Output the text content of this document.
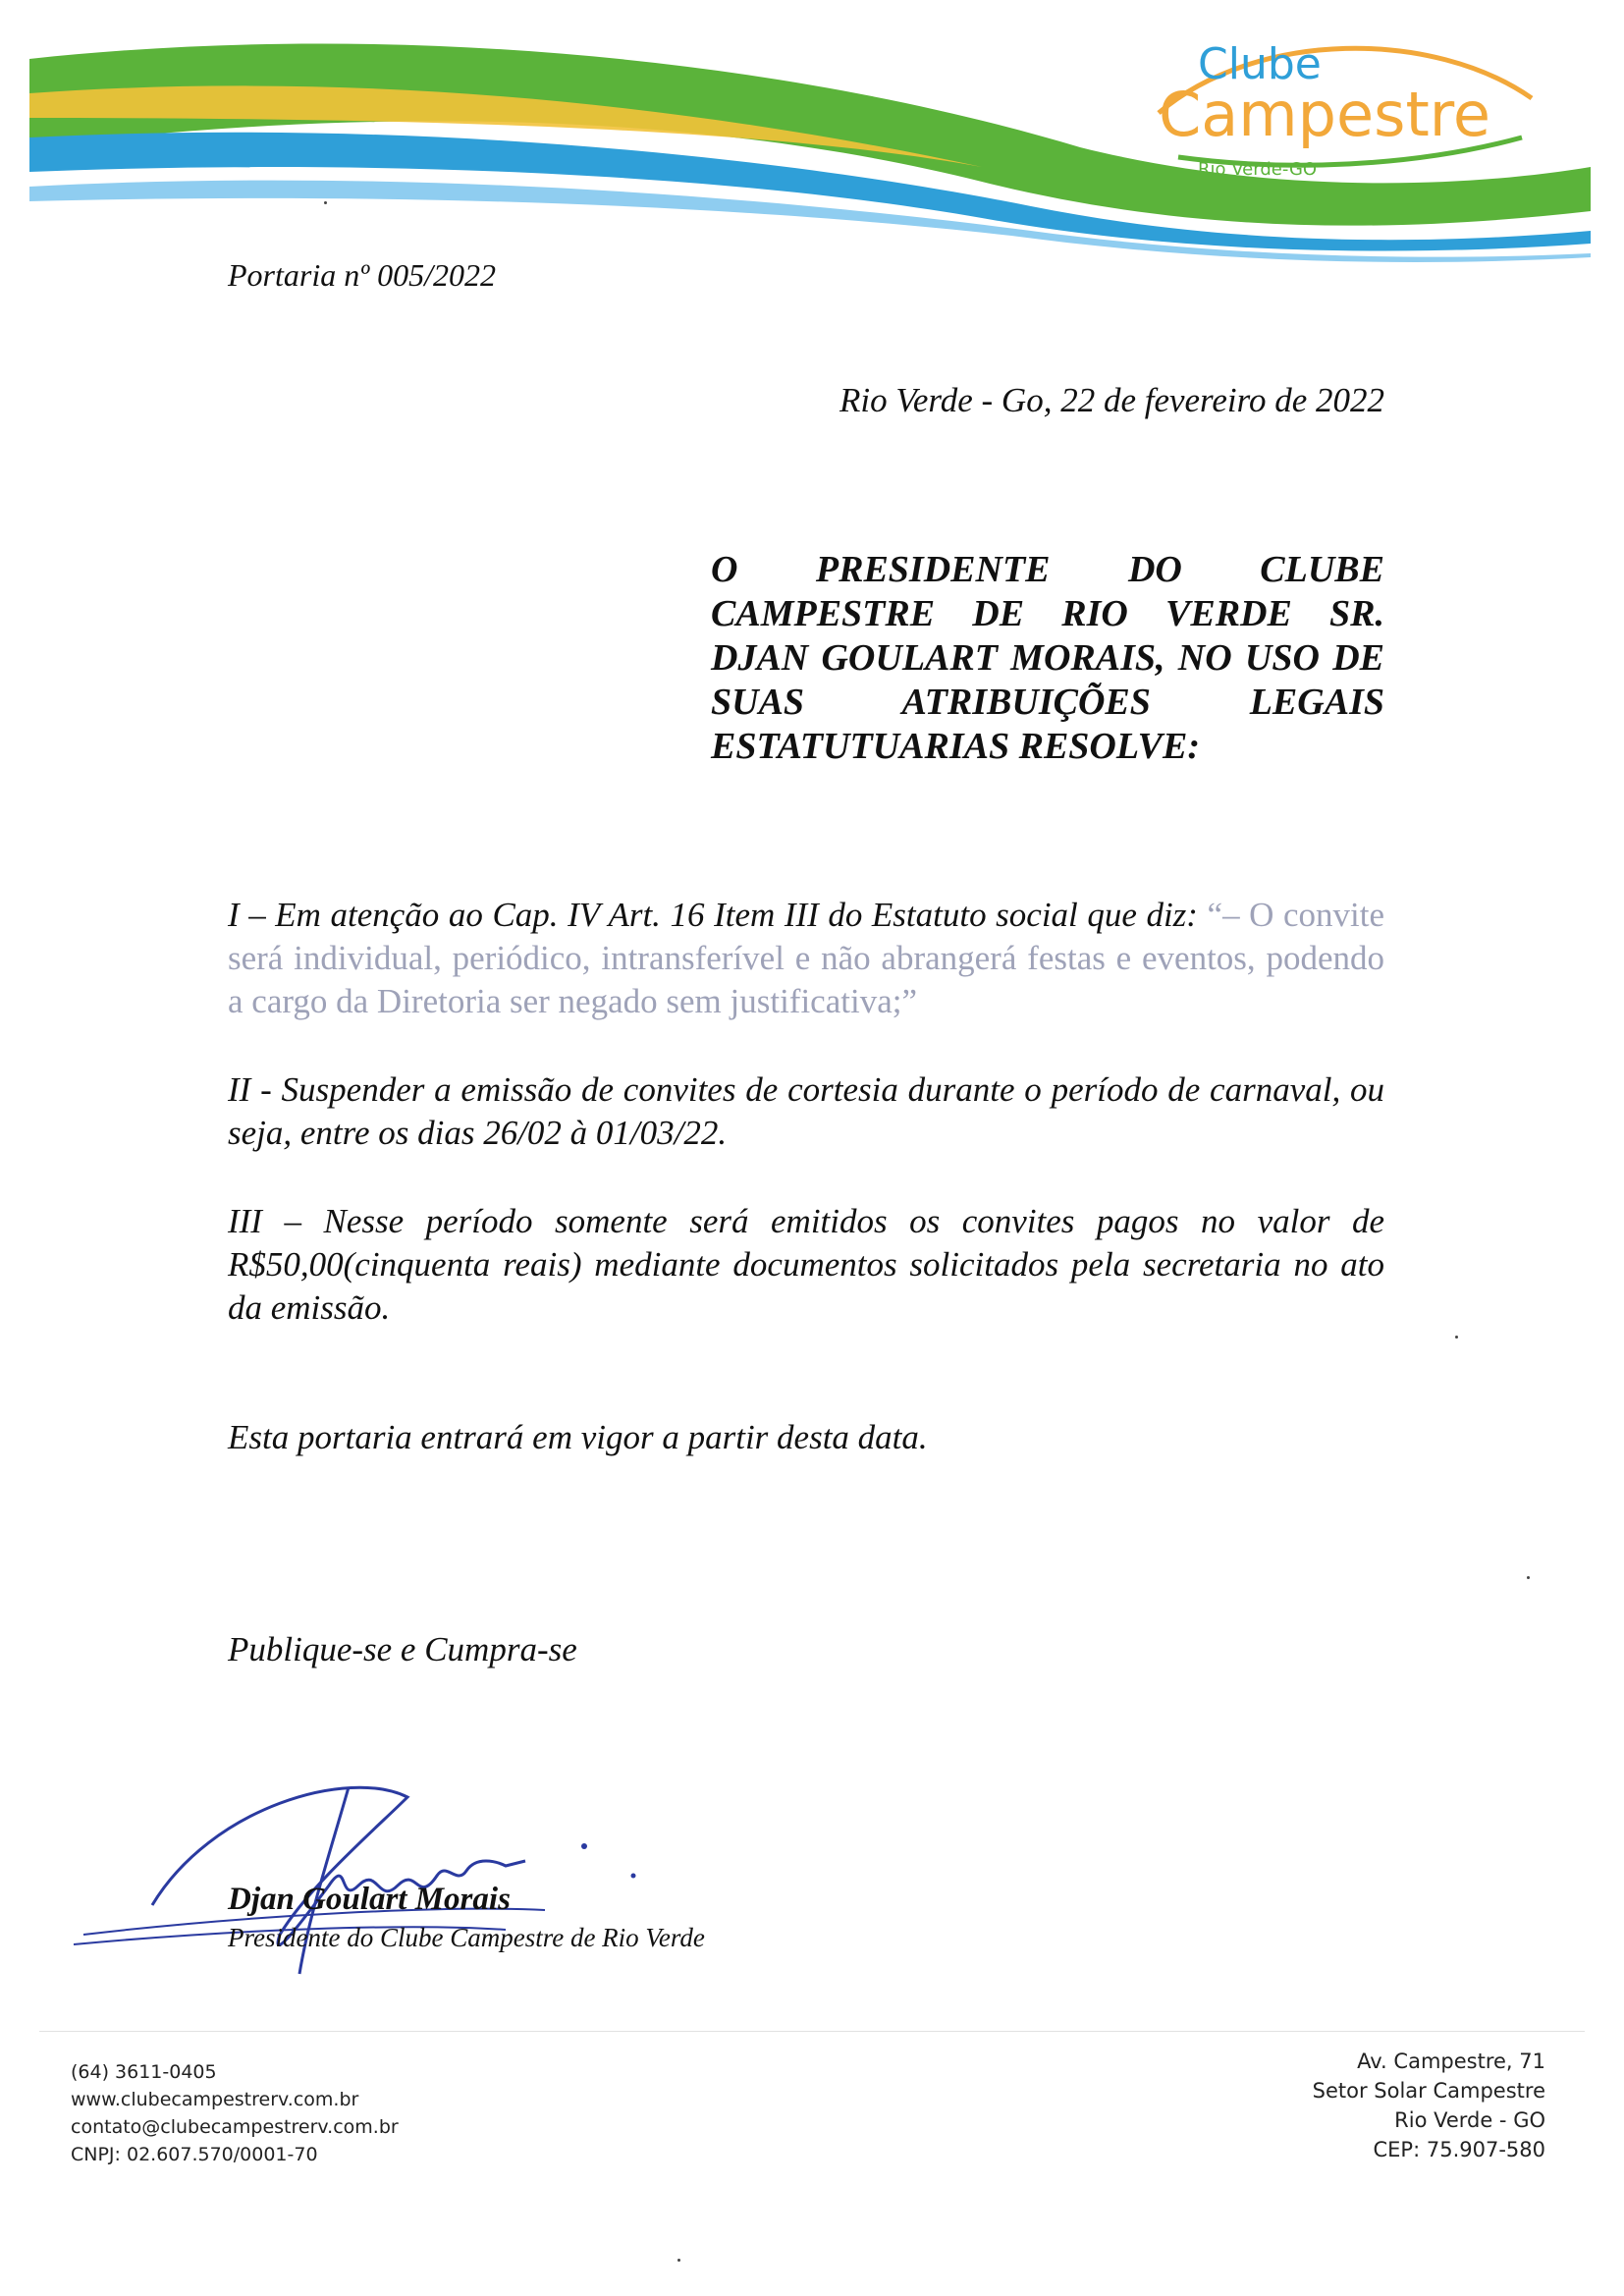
Clube
Campestre
Rio Verde-GO
Portaria nº 005/2022
Rio Verde - Go, 22 de fevereiro de 2022
O PRESIDENTE DO CLUBE
CAMPESTRE DE RIO VERDE SR.
DJAN GOULART MORAIS, NO USO DE
SUAS ATRIBUIÇÕES LEGAIS
ESTATUTUARIAS RESOLVE:
I – Em atenção ao Cap. IV Art. 16 Item III do Estatuto social que diz: “– O convite será individual, periódico, intransferível e não abrangerá festas e eventos, podendo a cargo da Diretoria ser negado sem justificativa;”
II - Suspender a emissão de convites de cortesia durante o período de carnaval, ou seja, entre os dias 26/02 à 01/03/22.
III – Nesse período somente será emitidos os convites pagos no valor de R$50,00(cinquenta reais) mediante documentos solicitados pela secretaria no ato da emissão.
Esta portaria entrará em vigor a partir desta data.
Publique-se e Cumpra-se
Djan Goulart Morais
Presidente do Clube Campestre de Rio Verde
(64) 3611-0405
www.clubecampestrerv.com.br
contato@clubecampestrerv.com.br
CNPJ: 02.607.570/0001-70
Av. Campestre, 71
Setor Solar Campestre
Rio Verde - GO
CEP: 75.907-580
